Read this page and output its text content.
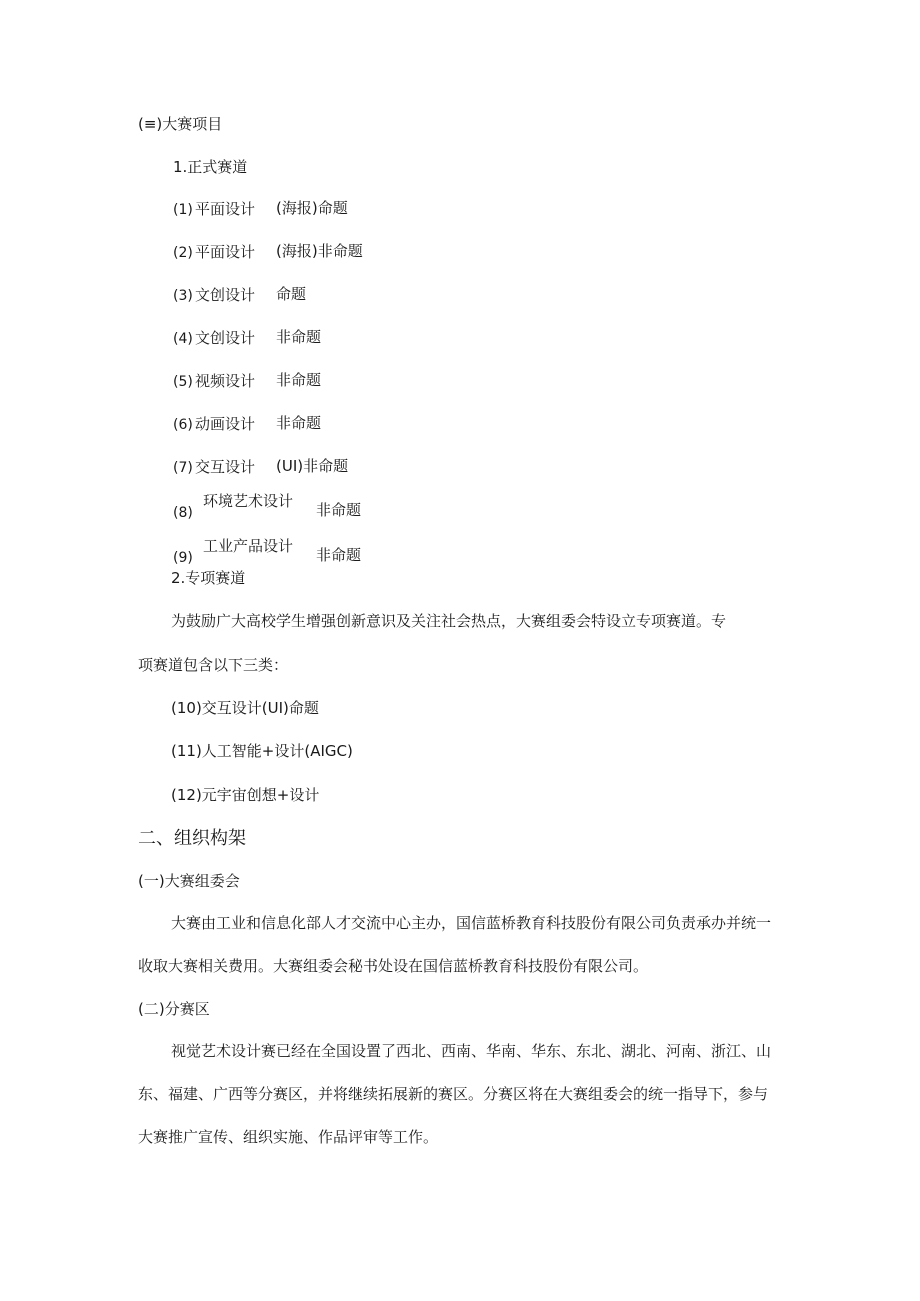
(≡)大赛项目
1.正式赛道
(1) 平面设计 (海报)命题
(2) 平面设计 (海报)非命题
(3) 文创设计 命题
(4) 文创设计 非命题
(5) 视频设计 非命题
(6) 动画设计 非命题
(7) 交互设计 (UI)非命题
(8)
环境艺术设计 非命题
(9)
工业产品设计 非命题
2.专项赛道
为鼓励广大高校学生增强创新意识及关注社会热点，大赛组委会特设立专项赛道。专
项赛道包含以下三类：
(10)交互设计(UI)命题
(11)人工智能+设计(AIGC)
(12)元宇宙创想+设计
二、组织构架
(一)大赛组委会
大赛由工业和信息化部人才交流中心主办，国信蓝桥教育科技股份有限公司负责承办并统一
收取大赛相关费用。大赛组委会秘书处设在国信蓝桥教育科技股份有限公司。
(二)分赛区
视觉艺术设计赛已经在全国设置了西北、西南、华南、华东、东北、湖北、河南、浙江、山
东、福建、广西等分赛区，并将继续拓展新的赛区。分赛区将在大赛组委会的统一指导下，参与
大赛推广宣传、组织实施、作品评审等工作。
